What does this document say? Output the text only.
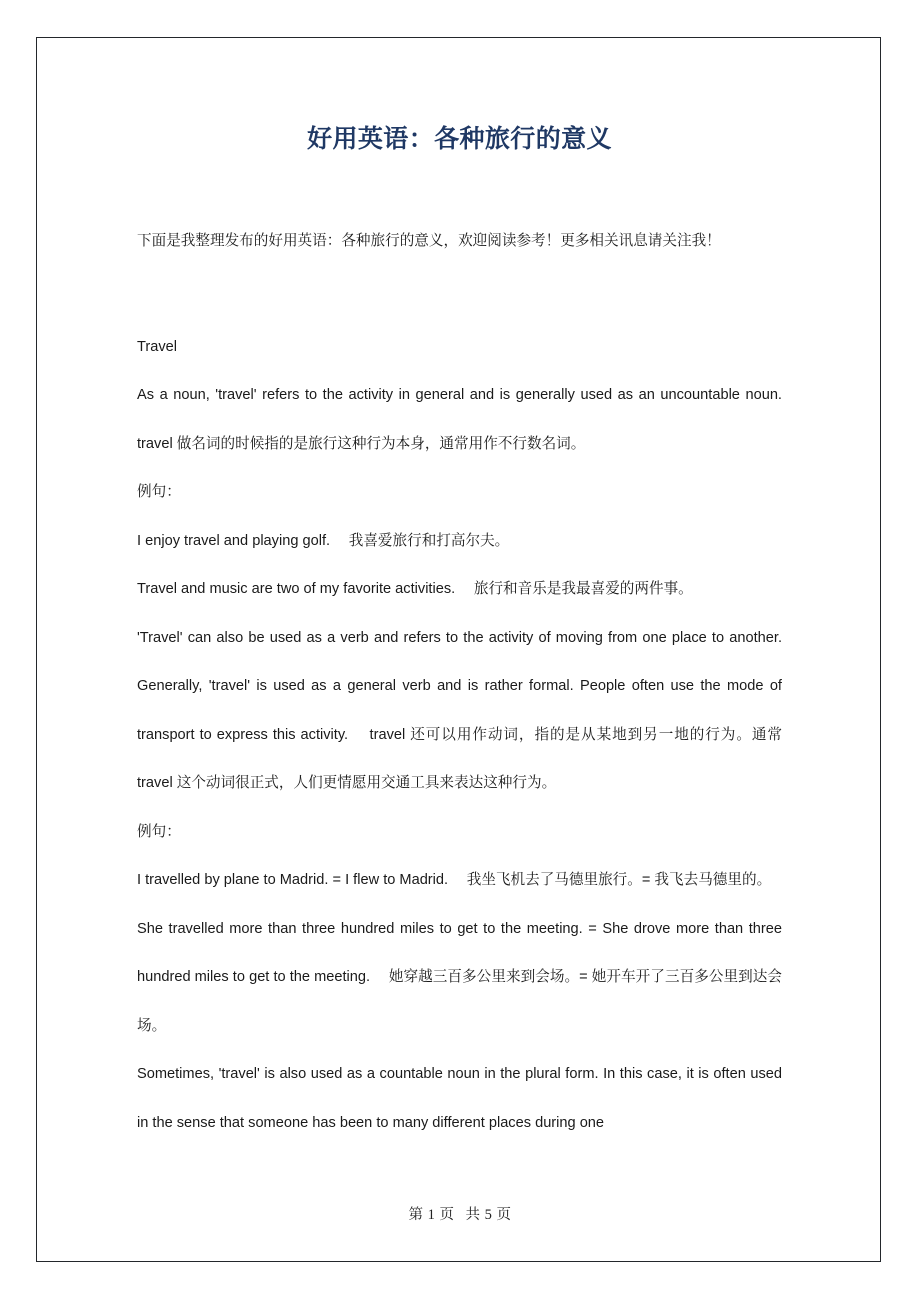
好用英语：各种旅行的意义

下面是我整理发布的好用英语：各种旅行的意义，欢迎阅读参考！更多相关讯息请关注我！

Travel

As a noun, 'travel' refers to the activity in general and is generally used as an uncountable noun.　 travel 做名词的时候指的是旅行这种行为本身，通常用作不行数名词。

例句：

I enjoy travel and playing golf.　 我喜爱旅行和打高尔夫。

Travel and music are two of my favorite activities.　 旅行和音乐是我最喜爱的两件事。

'Travel' can also be used as a verb and refers to the activity of moving from one place to another. Generally, 'travel' is used as a general verb and is rather formal. People often use the mode of transport to express this activity.　 travel 还可以用作动词，指的是从某地到另一地的行为。通常 travel 这个动词很正式，人们更情愿用交通工具来表达这种行为。

例句：

I travelled by plane to Madrid. = I flew to Madrid.　 我坐飞机去了马德里旅行。= 我飞去马德里的。

She travelled more than three hundred miles to get to the meeting. = She drove more than three hundred miles to get to the meeting.　 她穿越三百多公里来到会场。= 她开车开了三百多公里到达会场。

Sometimes, 'travel' is also used as a countable noun in the plural form. In this case, it is often used in the sense that someone has been to many different places during one

第 1 页 共 5 页
